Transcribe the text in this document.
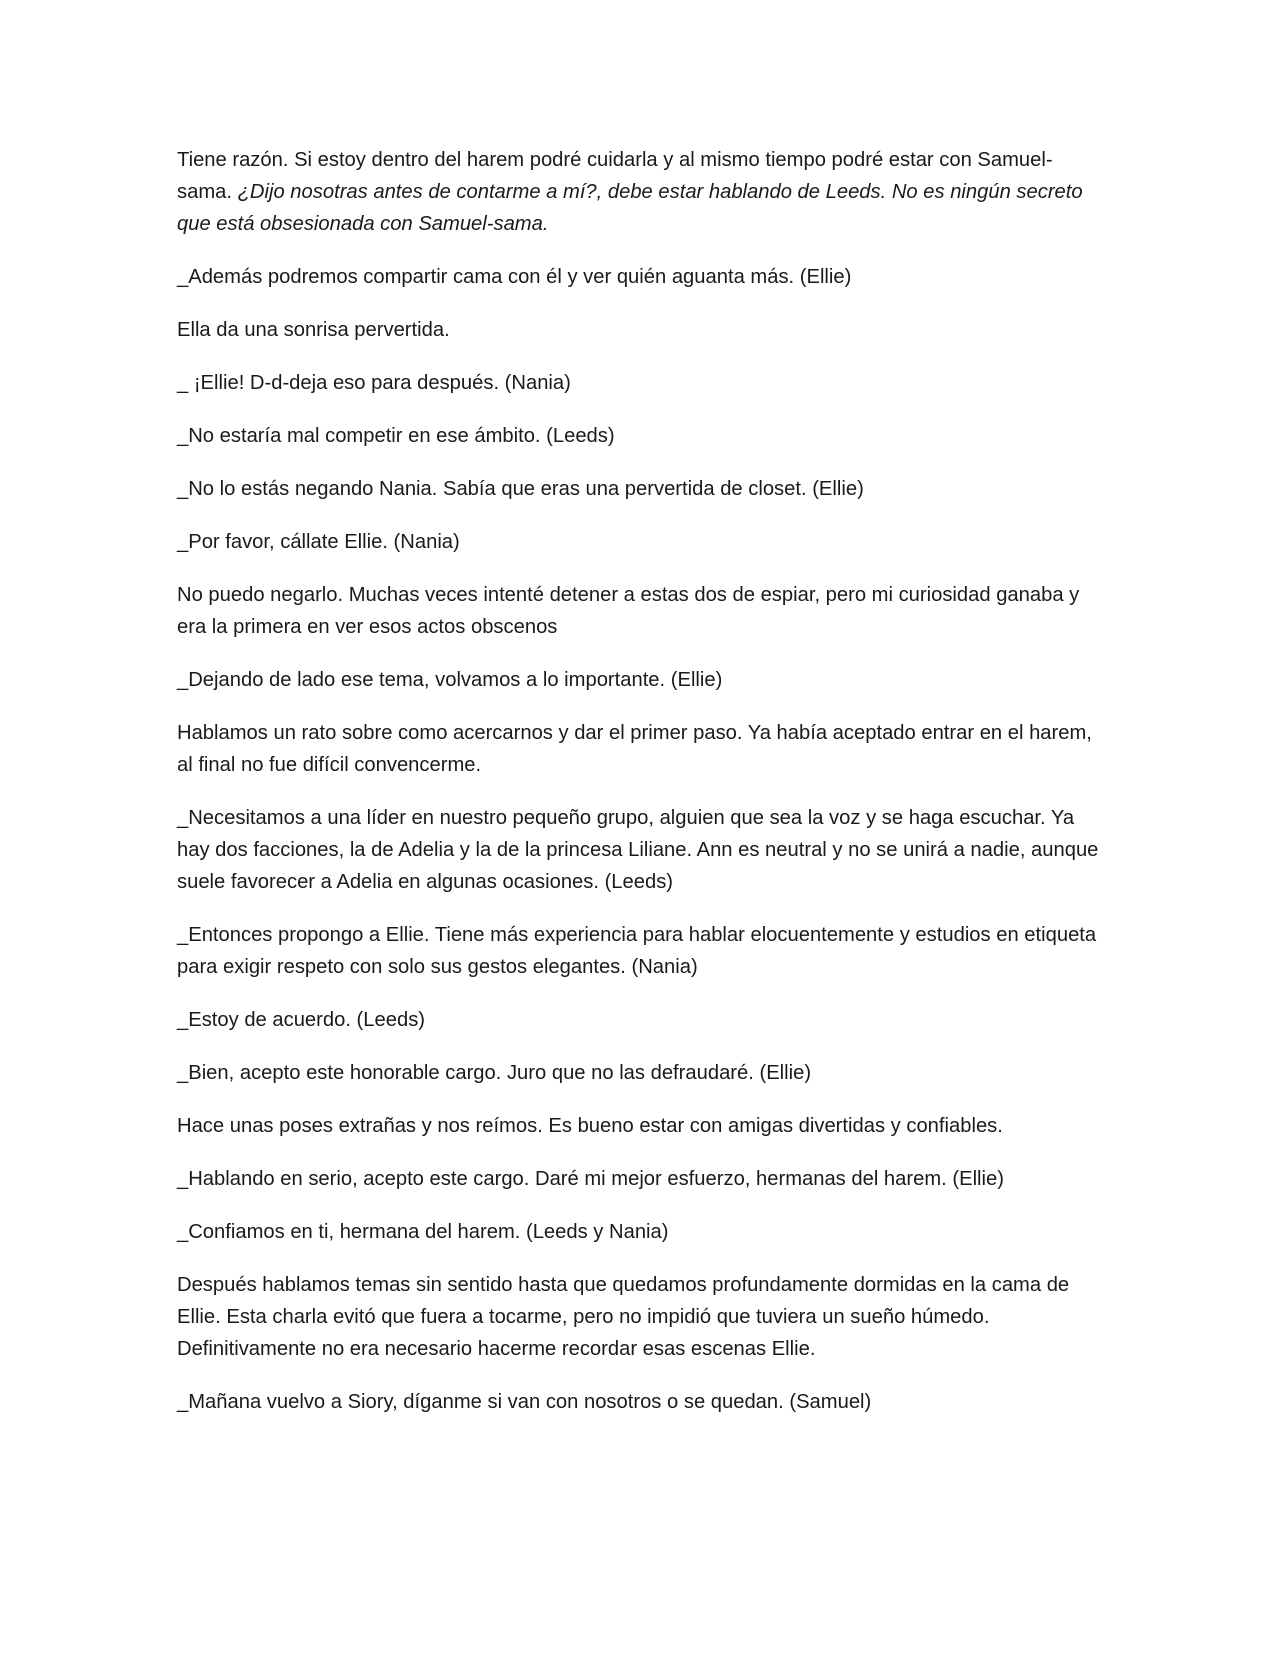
Tiene razón. Si estoy dentro del harem podré cuidarla y al mismo tiempo podré estar con Samuel-sama. ¿Dijo nosotras antes de contarme a mí?, debe estar hablando de Leeds. No es ningún secreto que está obsesionada con Samuel-sama.

_Además podremos compartir cama con él y ver quién aguanta más. (Ellie)

Ella da una sonrisa pervertida.

_ ¡Ellie! D-d-deja eso para después. (Nania)

_No estaría mal competir en ese ámbito. (Leeds)

_No lo estás negando Nania. Sabía que eras una pervertida de closet. (Ellie)

_Por favor, cállate Ellie. (Nania)

No puedo negarlo. Muchas veces intenté detener a estas dos de espiar, pero mi curiosidad ganaba y era la primera en ver esos actos obscenos

_Dejando de lado ese tema, volvamos a lo importante. (Ellie)

Hablamos un rato sobre como acercarnos y dar el primer paso. Ya había aceptado entrar en el harem, al final no fue difícil convencerme.

_Necesitamos a una líder en nuestro pequeño grupo, alguien que sea la voz y se haga escuchar. Ya hay dos facciones, la de Adelia y la de la princesa Liliane. Ann es neutral y no se unirá a nadie, aunque suele favorecer a Adelia en algunas ocasiones. (Leeds)

_Entonces propongo a Ellie. Tiene más experiencia para hablar elocuentemente y estudios en etiqueta para exigir respeto con solo sus gestos elegantes. (Nania)

_Estoy de acuerdo. (Leeds)

_Bien, acepto este honorable cargo. Juro que no las defraudaré. (Ellie)

Hace unas poses extrañas y nos reímos. Es bueno estar con amigas divertidas y confiables.

_Hablando en serio, acepto este cargo. Daré mi mejor esfuerzo, hermanas del harem. (Ellie)

_Confiamos en ti, hermana del harem. (Leeds y Nania)

Después hablamos temas sin sentido hasta que quedamos profundamente dormidas en la cama de Ellie. Esta charla evitó que fuera a tocarme, pero no impidió que tuviera un sueño húmedo. Definitivamente no era necesario hacerme recordar esas escenas Ellie.

_Mañana vuelvo a Siory, díganme si van con nosotros o se quedan. (Samuel)
